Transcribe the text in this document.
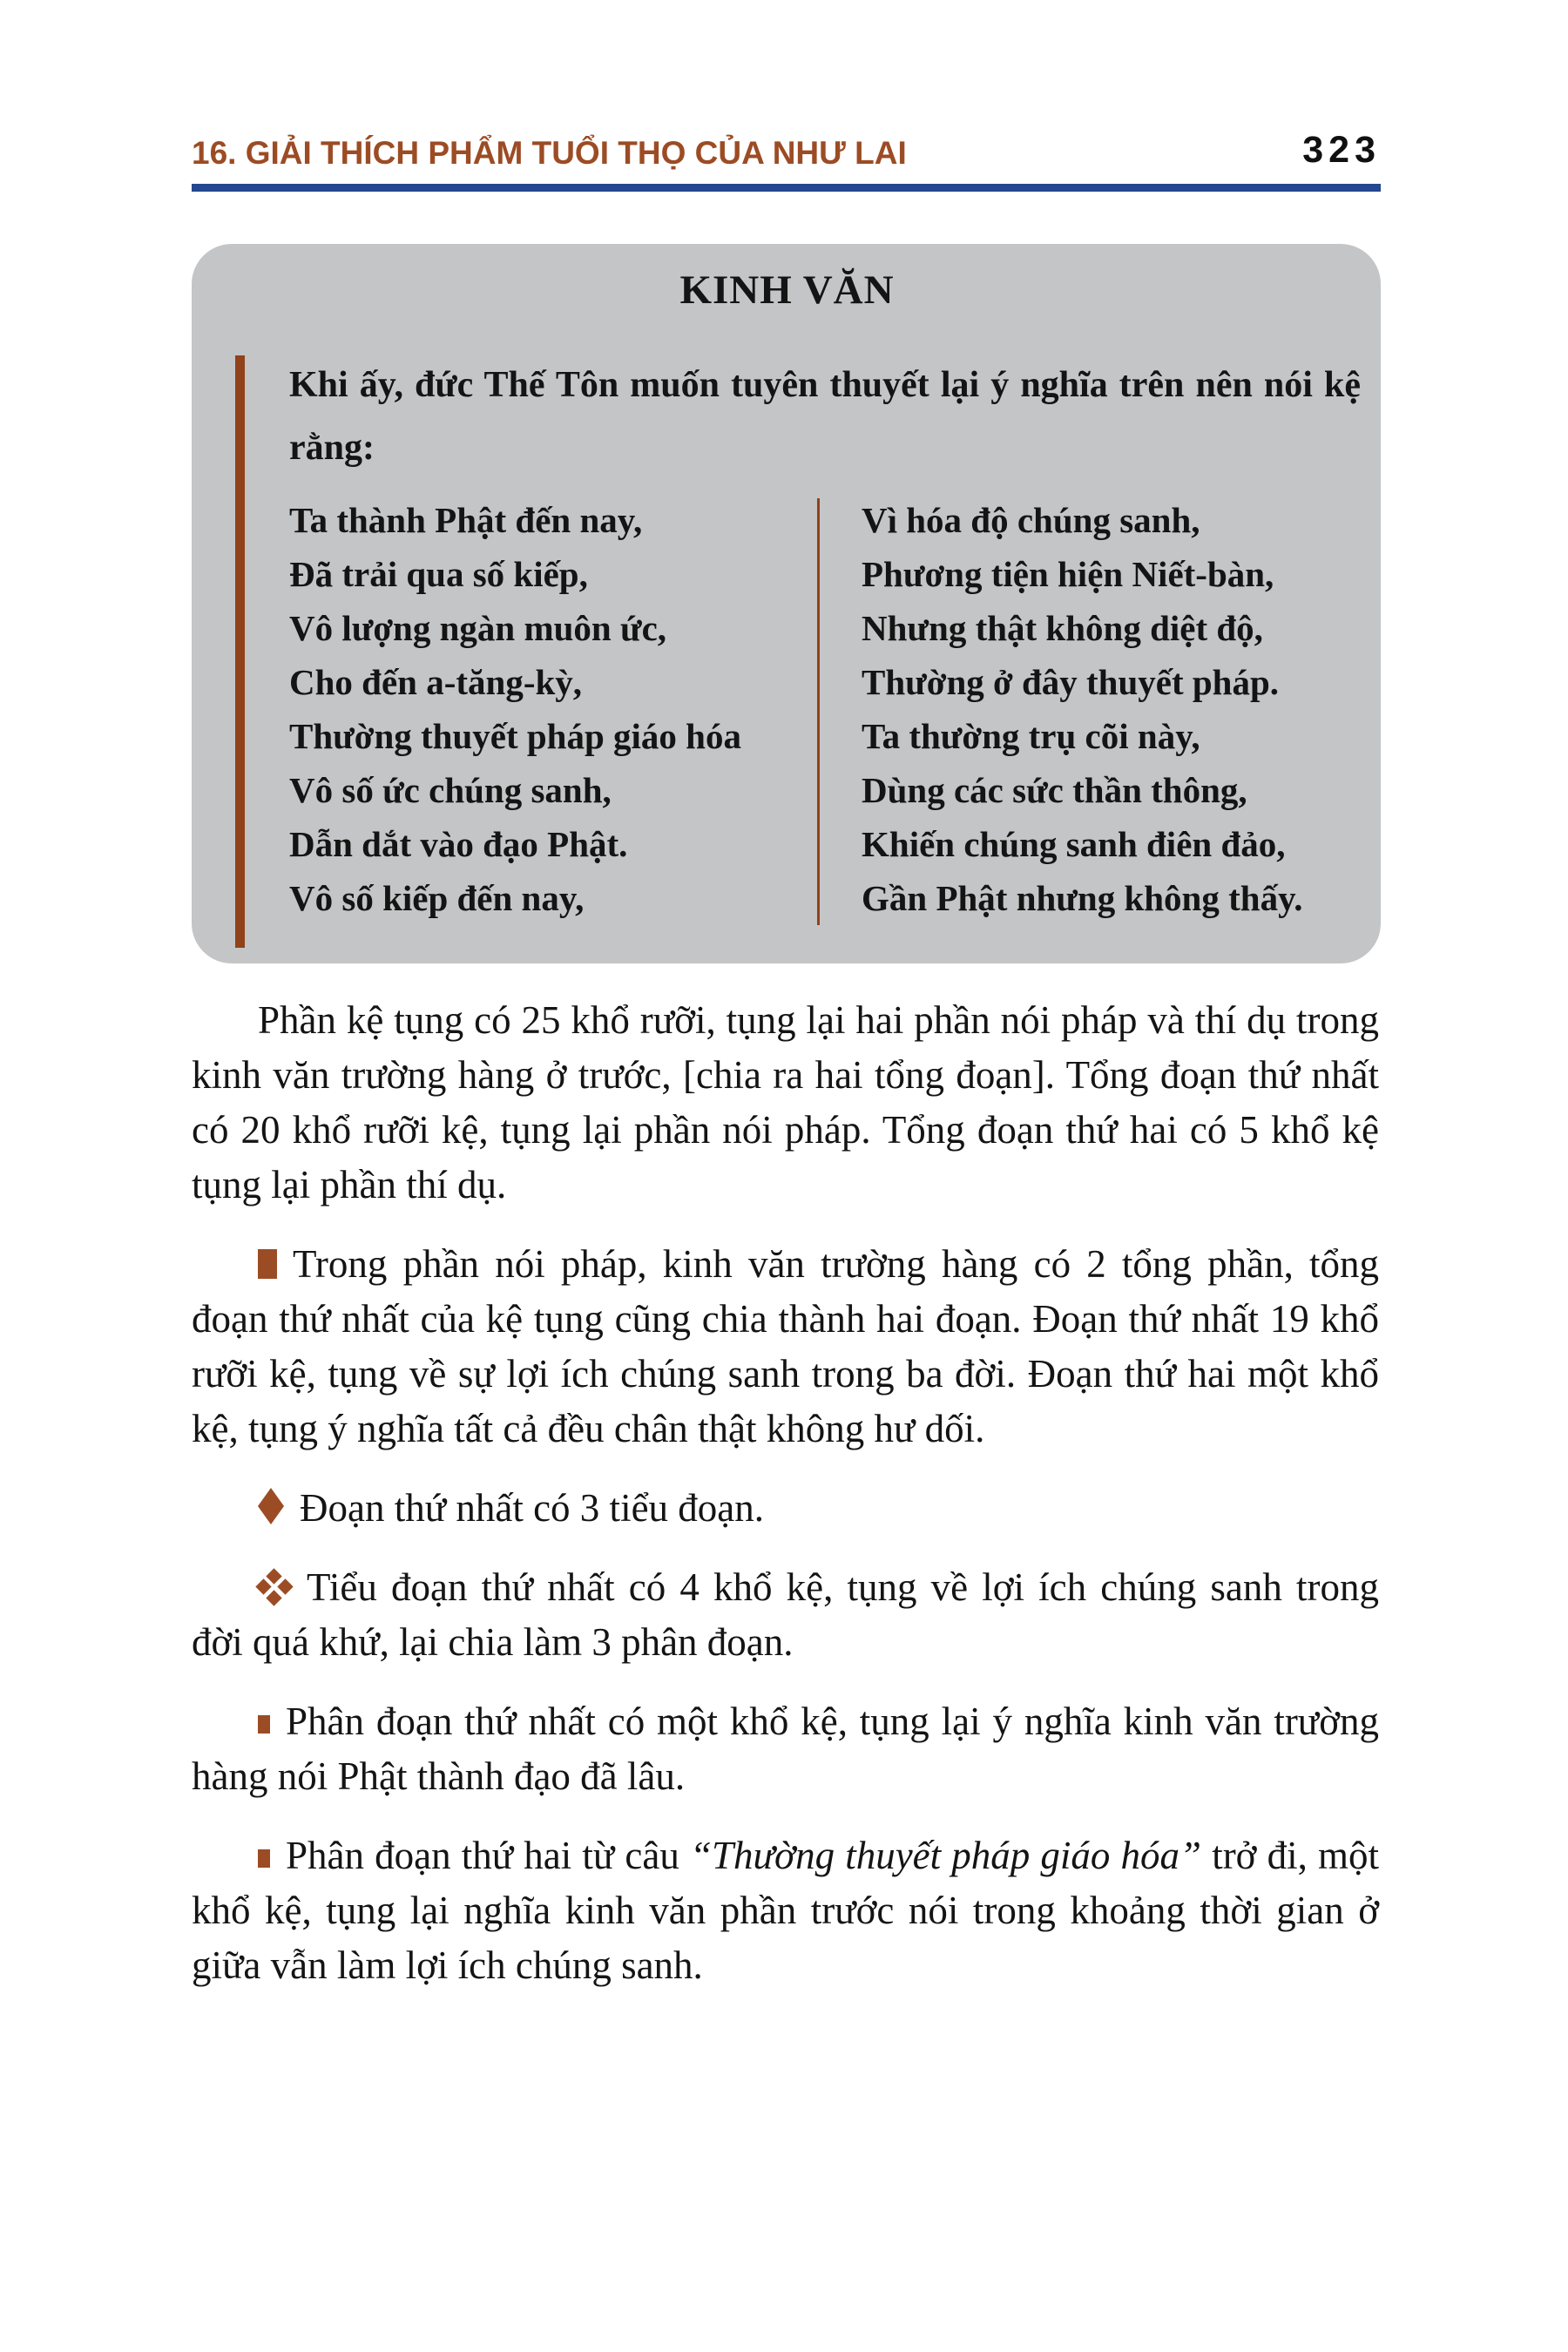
16. GIẢI THÍCH PHẨM TUỔI THỌ CỦA NHƯ LAI	323
KINH VĂN

Khi ấy, đức Thế Tôn muốn tuyên thuyết lại ý nghĩa trên nên nói kệ rằng:

Ta thành Phật đến nay,
Đã trải qua số kiếp,
Vô lượng ngàn muôn ức,
Cho đến a-tăng-kỳ,
Thường thuyết pháp giáo hóa
Vô số ức chúng sanh,
Dẫn dắt vào đạo Phật.
Vô số kiếp đến nay,
Vì hóa độ chúng sanh,
Phương tiện hiện Niết-bàn,
Nhưng thật không diệt độ,
Thường ở đây thuyết pháp.
Ta thường trụ cõi này,
Dùng các sức thần thông,
Khiến chúng sanh điên đảo,
Gần Phật nhưng không thấy.

Phần kệ tụng có 25 khổ rưỡi, tụng lại hai phần nói pháp và thí dụ trong kinh văn trường hàng ở trước, [chia ra hai tổng đoạn]. Tổng đoạn thứ nhất có 20 khổ rưỡi kệ, tụng lại phần nói pháp. Tổng đoạn thứ hai có 5 khổ kệ tụng lại phần thí dụ.

Trong phần nói pháp, kinh văn trường hàng có 2 tổng phần, tổng đoạn thứ nhất của kệ tụng cũng chia thành hai đoạn. Đoạn thứ nhất 19 khổ rưỡi kệ, tụng về sự lợi ích chúng sanh trong ba đời. Đoạn thứ hai một khổ kệ, tụng ý nghĩa tất cả đều chân thật không hư dối.

Đoạn thứ nhất có 3 tiểu đoạn.

Tiểu đoạn thứ nhất có 4 khổ kệ, tụng về lợi ích chúng sanh trong đời quá khứ, lại chia làm 3 phân đoạn.

Phân đoạn thứ nhất có một khổ kệ, tụng lại ý nghĩa kinh văn trường hàng nói Phật thành đạo đã lâu.

Phân đoạn thứ hai từ câu “Thường thuyết pháp giáo hóa” trở đi, một khổ kệ, tụng lại nghĩa kinh văn phần trước nói trong khoảng thời gian ở giữa vẫn làm lợi ích chúng sanh.
